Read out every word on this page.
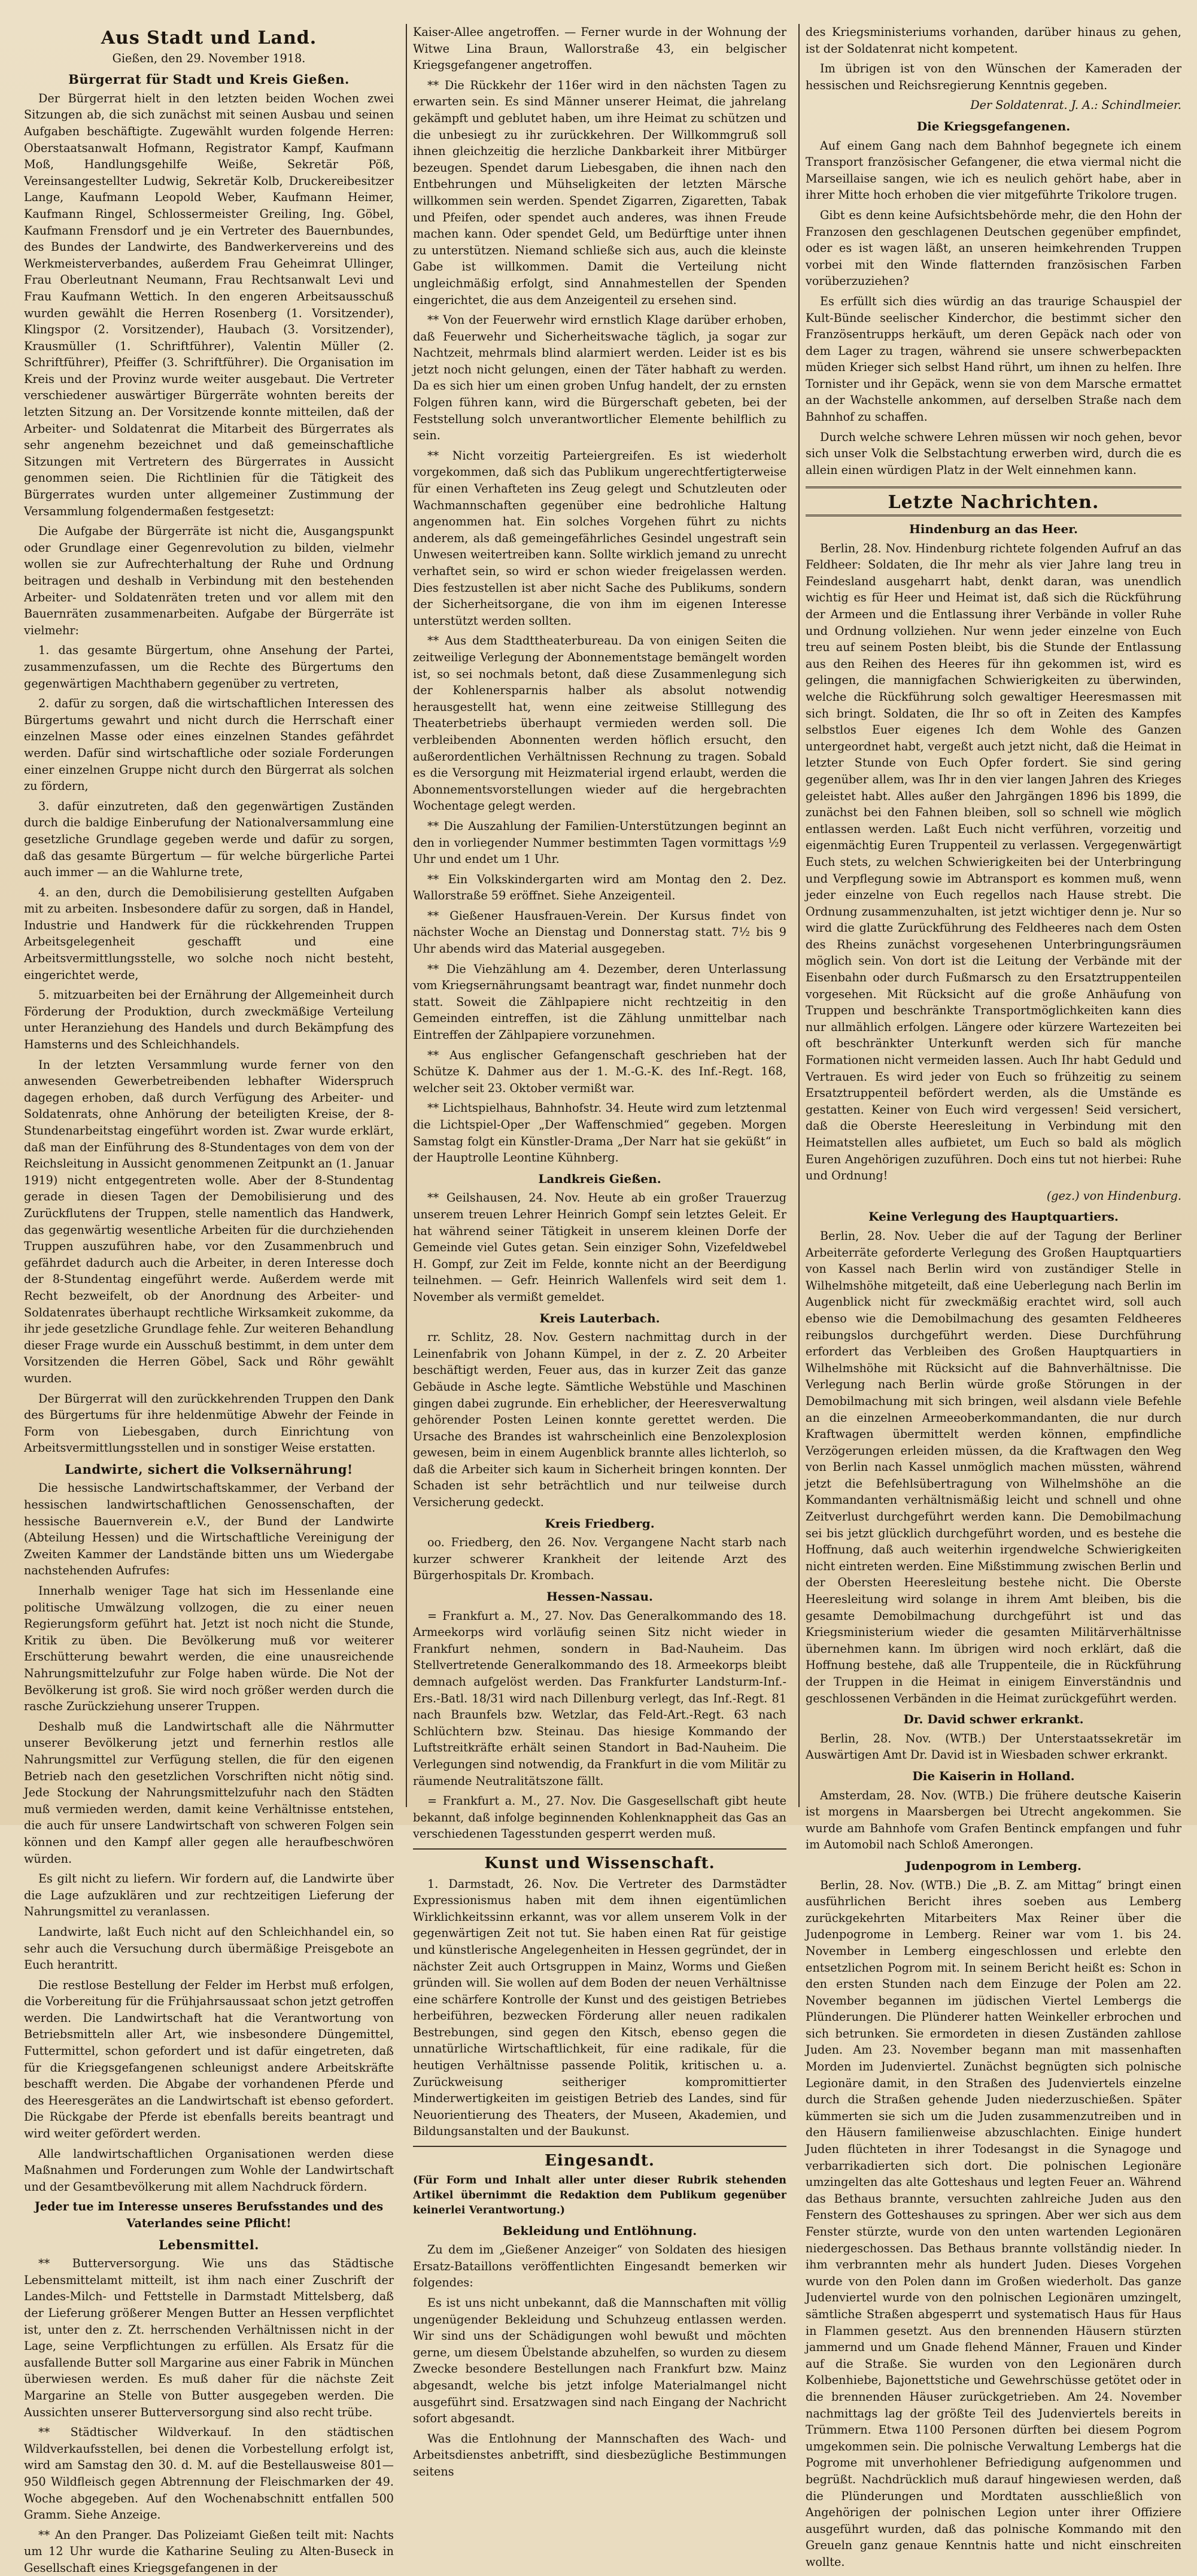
Aus Stadt und Land.

Gießen, den 29. November 1918.

Bürgerrat für Stadt und Kreis Gießen.

Der Bürgerrat hielt in den letzten beiden Wochen zwei Sitzungen ab, die sich zunächst mit seinen Ausbau und seinen Aufgaben beschäftigte. Zugewählt wurden folgende Herren: Oberstaatsanwalt Hofmann, Registrator Kampf, Kaufmann Moß, Handlungsgehilfe Weiße, Sekretär Pöß, Vereinsangestellter Ludwig, Sekretär Kolb, Druckereibesitzer Lange, Kaufmann Leopold Weber, Kaufmann Heimer, Kaufmann Ringel, Schlossermeister Greiling, Ing. Göbel, Kaufmann Frensdorf und je ein Vertreter des Bauernbundes, des Bundes der Landwirte, des Bandwerkervereins und des Werkmeisterverbandes, außerdem Frau Geheimrat Ullinger, Frau Oberleutnant Neumann, Frau Rechtsanwalt Levi und Frau Kaufmann Wettich. In den engeren Arbeitsausschuß wurden gewählt die Herren Rosenberg (1. Vorsitzender), Klingspor (2. Vorsitzender), Haubach (3. Vorsitzender), Krausmüller (1. Schriftführer), Valentin Müller (2. Schriftführer), Pfeiffer (3. Schriftführer). Die Organisation im Kreis und der Provinz wurde weiter ausgebaut. Die Vertreter verschiedener auswärtiger Bürgerräte wohnten bereits der letzten Sitzung an. Der Vorsitzende konnte mitteilen, daß der Arbeiter- und Soldatenrat die Mitarbeit des Bürgerrates als sehr angenehm bezeichnet und daß gemeinschaftliche Sitzungen mit Vertretern des Bürgerrates in Aussicht genommen seien. Die Richtlinien für die Tätigkeit des Bürgerrates wurden unter allgemeiner Zustimmung der Versammlung folgendermaßen festgesetzt:

Die Aufgabe der Bürgerräte ist nicht die, Ausgangspunkt oder Grundlage einer Gegenrevolution zu bilden, vielmehr wollen sie zur Aufrechterhaltung der Ruhe und Ordnung beitragen und deshalb in Verbindung mit den bestehenden Arbeiter- und Soldatenräten treten und vor allem mit den Bauernräten zusammenarbeiten. Aufgabe der Bürgerräte ist vielmehr:

1. das gesamte Bürgertum, ohne Ansehung der Partei, zusammenzufassen, um die Rechte des Bürgertums den gegenwärtigen Machthabern gegenüber zu vertreten,

2. dafür zu sorgen, daß die wirtschaftlichen Interessen des Bürgertums gewahrt und nicht durch die Herrschaft einer einzelnen Masse oder eines einzelnen Standes gefährdet werden. Dafür sind wirtschaftliche oder soziale Forderungen einer einzelnen Gruppe nicht durch den Bürgerrat als solchen zu fördern,

3. dafür einzutreten, daß den gegenwärtigen Zuständen durch die baldige Einberufung der Nationalversammlung eine gesetzliche Grundlage gegeben werde und dafür zu sorgen, daß das gesamte Bürgertum — für welche bürgerliche Partei auch immer — an die Wahlurne trete,

4. an den, durch die Demobilisierung gestellten Aufgaben mit zu arbeiten. Insbesondere dafür zu sorgen, daß in Handel, Industrie und Handwerk für die rückkehrenden Truppen Arbeitsgelegenheit geschafft und eine Arbeitsvermittlungsstelle, wo solche noch nicht besteht, eingerichtet werde,

5. mitzuarbeiten bei der Ernährung der Allgemeinheit durch Förderung der Produktion, durch zweckmäßige Verteilung unter Heranziehung des Handels und durch Bekämpfung des Hamsterns und des Schleichhandels.

In der letzten Versammlung wurde ferner von den anwesenden Gewerbetreibenden lebhafter Widerspruch dagegen erhoben, daß durch Verfügung des Arbeiter- und Soldatenrats, ohne Anhörung der beteiligten Kreise, der 8-Stundenarbeitstag eingeführt worden ist. Zwar wurde erklärt, daß man der Einführung des 8-Stundentages von dem von der Reichsleitung in Aussicht genommenen Zeitpunkt an (1. Januar 1919) nicht entgegentreten wolle. Aber der 8-Stundentag gerade in diesen Tagen der Demobilisierung und des Zurückflutens der Truppen, stelle namentlich das Handwerk, das gegenwärtig wesentliche Arbeiten für die durchziehenden Truppen auszuführen habe, vor den Zusammenbruch und gefährdet dadurch auch die Arbeiter, in deren Interesse doch der 8-Stundentag eingeführt werde. Außerdem werde mit Recht bezweifelt, ob der Anordnung des Arbeiter- und Soldatenrates überhaupt rechtliche Wirksamkeit zukomme, da ihr jede gesetzliche Grundlage fehle. Zur weiteren Behandlung dieser Frage wurde ein Ausschuß bestimmt, in dem unter dem Vorsitzenden die Herren Göbel, Sack und Röhr gewählt wurden.

Der Bürgerrat will den zurückkehrenden Truppen den Dank des Bürgertums für ihre heldenmütige Abwehr der Feinde in Form von Liebesgaben, durch Einrichtung von Arbeitsvermittlungsstellen und in sonstiger Weise erstatten.

Landwirte, sichert die Volksernährung!

Die hessische Landwirtschaftskammer, der Verband der hessischen landwirtschaftlichen Genossenschaften, der hessische Bauernverein e.V., der Bund der Landwirte (Abteilung Hessen) und die Wirtschaftliche Vereinigung der Zweiten Kammer der Landstände bitten uns um Wiedergabe nachstehenden Aufrufes:

Innerhalb weniger Tage hat sich im Hessenlande eine politische Umwälzung vollzogen, die zu einer neuen Regierungsform geführt hat. Jetzt ist noch nicht die Stunde, Kritik zu üben. Die Bevölkerung muß vor weiterer Erschütterung bewahrt werden, die eine unausreichende Nahrungsmittelzufuhr zur Folge haben würde. Die Not der Bevölkerung ist groß. Sie wird noch größer werden durch die rasche Zurückziehung unserer Truppen.

Deshalb muß die Landwirtschaft alle die Nährmutter unserer Bevölkerung jetzt und fernerhin restlos alle Nahrungsmittel zur Verfügung stellen, die für den eigenen Betrieb nach den gesetzlichen Vorschriften nicht nötig sind. Jede Stockung der Nahrungsmittelzufuhr nach den Städten muß vermieden werden, damit keine Verhältnisse entstehen, die auch für unsere Landwirtschaft von schweren Folgen sein können und den Kampf aller gegen alle heraufbeschwören würden.

Es gilt nicht zu liefern. Wir fordern auf, die Landwirte über die Lage aufzuklären und zur rechtzeitigen Lieferung der Nahrungsmittel zu veranlassen.

Landwirte, laßt Euch nicht auf den Schleichhandel ein, so sehr auch die Versuchung durch übermäßige Preisgebote an Euch herantritt.

Die restlose Bestellung der Felder im Herbst muß erfolgen, die Vorbereitung für die Frühjahrsaussaat schon jetzt getroffen werden. Die Landwirtschaft hat die Verantwortung von Betriebsmitteln aller Art, wie insbesondere Düngemittel, Futtermittel, schon gefordert und ist dafür eingetreten, daß für die Kriegsgefangenen schleunigst andere Arbeitskräfte beschafft werden. Die Abgabe der vorhandenen Pferde und des Heeresgerätes an die Landwirtschaft ist ebenso gefordert. Die Rückgabe der Pferde ist ebenfalls bereits beantragt und wird weiter gefördert werden.

Alle landwirtschaftlichen Organisationen werden diese Maßnahmen und Forderungen zum Wohle der Landwirtschaft und der Gesamtbevölkerung mit allem Nachdruck fördern.

Jeder tue im Interesse unseres Berufsstandes und des Vaterlandes seine Pflicht!

Lebensmittel.

** Butterversorgung. Wie uns das Städtische Lebensmittelamt mitteilt, ist ihm nach einer Zuschrift der Landes-Milch- und Fettstelle in Darmstadt Mittelsberg, daß der Lieferung größerer Mengen Butter an Hessen verpflichtet ist, unter den z. Zt. herrschenden Verhältnissen nicht in der Lage, seine Verpflichtungen zu erfüllen. Als Ersatz für die ausfallende Butter soll Margarine aus einer Fabrik in München überwiesen werden. Es muß daher für die nächste Zeit Margarine an Stelle von Butter ausgegeben werden. Die Aussichten unserer Butterversorgung sind also recht trübe.

** Städtischer Wildverkauf. In den städtischen Wildverkaufsstellen, bei denen die Vorbestellung erfolgt ist, wird am Samstag den 30. d. M. auf die Bestellausweise 801—950 Wildfleisch gegen Abtrennung der Fleischmarken der 49. Woche abgegeben. Auf den Wochenabschnitt entfallen 500 Gramm. Siehe Anzeige.

** An den Pranger. Das Polizeiamt Gießen teilt mit: Nachts um 12 Uhr wurde die Katharine Seuling zu Alten-Buseck in Gesellschaft eines Kriegsgefangenen in der

Kaiser-Allee angetroffen. — Ferner wurde in der Wohnung der Witwe Lina Braun, Wallorstraße 43, ein belgischer Kriegsgefangener angetroffen.

** Die Rückkehr der 116er wird in den nächsten Tagen zu erwarten sein. Es sind Männer unserer Heimat, die jahrelang gekämpft und geblutet haben, um ihre Heimat zu schützen und die unbesiegt zu ihr zurückkehren. Der Willkommgruß soll ihnen gleichzeitig die herzliche Dankbarkeit ihrer Mitbürger bezeugen. Spendet darum Liebesgaben, die ihnen nach den Entbehrungen und Mühseligkeiten der letzten Märsche willkommen sein werden. Spendet Zigarren, Zigaretten, Tabak und Pfeifen, oder spendet auch anderes, was ihnen Freude machen kann. Oder spendet Geld, um Bedürftige unter ihnen zu unterstützen. Niemand schließe sich aus, auch die kleinste Gabe ist willkommen. Damit die Verteilung nicht ungleichmäßig erfolgt, sind Annahmestellen der Spenden eingerichtet, die aus dem Anzeigenteil zu ersehen sind.

** Von der Feuerwehr wird ernstlich Klage darüber erhoben, daß Feuerwehr und Sicherheitswache täglich, ja sogar zur Nachtzeit, mehrmals blind alarmiert werden. Leider ist es bis jetzt noch nicht gelungen, einen der Täter habhaft zu werden. Da es sich hier um einen groben Unfug handelt, der zu ernsten Folgen führen kann, wird die Bürgerschaft gebeten, bei der Feststellung solch unverantwortlicher Elemente behilflich zu sein.

** Nicht vorzeitig Parteiergreifen. Es ist wiederholt vorgekommen, daß sich das Publikum ungerechtfertigterweise für einen Verhafteten ins Zeug gelegt und Schutzleuten oder Wachmannschaften gegenüber eine bedrohliche Haltung angenommen hat. Ein solches Vorgehen führt zu nichts anderem, als daß gemeingefährliches Gesindel ungestraft sein Unwesen weitertreiben kann. Sollte wirklich jemand zu unrecht verhaftet sein, so wird er schon wieder freigelassen werden. Dies festzustellen ist aber nicht Sache des Publikums, sondern der Sicherheitsorgane, die von ihm im eigenen Interesse unterstützt werden sollten.

** Aus dem Stadttheaterbureau. Da von einigen Seiten die zeitweilige Verlegung der Abonnementstage bemängelt worden ist, so sei nochmals betont, daß diese Zusammenlegung sich der Kohlenersparnis halber als absolut notwendig herausgestellt hat, wenn eine zeitweise Stilllegung des Theaterbetriebs überhaupt vermieden werden soll. Die verbleibenden Abonnenten werden höflich ersucht, den außerordentlichen Verhältnissen Rechnung zu tragen. Sobald es die Versorgung mit Heizmaterial irgend erlaubt, werden die Abonnementsvorstellungen wieder auf die hergebrachten Wochentage gelegt werden.

** Die Auszahlung der Familien-Unterstützungen beginnt an den in vorliegender Nummer bestimmten Tagen vormittags ½9 Uhr und endet um 1 Uhr.

** Ein Volkskindergarten wird am Montag den 2. Dez. Wallorstraße 59 eröffnet. Siehe Anzeigenteil.

** Gießener Hausfrauen-Verein. Der Kursus findet von nächster Woche an Dienstag und Donnerstag statt. 7½ bis 9 Uhr abends wird das Material ausgegeben.

** Die Viehzählung am 4. Dezember, deren Unterlassung vom Kriegsernährungsamt beantragt war, findet nunmehr doch statt. Soweit die Zählpapiere nicht rechtzeitig in den Gemeinden eintreffen, ist die Zählung unmittelbar nach Eintreffen der Zählpapiere vorzunehmen.

** Aus englischer Gefangenschaft geschrieben hat der Schütze K. Dahmer aus der 1. M.-G.-K. des Inf.-Regt. 168, welcher seit 23. Oktober vermißt war.

** Lichtspielhaus, Bahnhofstr. 34. Heute wird zum letztenmal die Lichtspiel-Oper „Der Waffenschmied“ gegeben. Morgen Samstag folgt ein Künstler-Drama „Der Narr hat sie geküßt“ in der Hauptrolle Leontine Kühnberg.

Landkreis Gießen.

** Geilshausen, 24. Nov. Heute ab ein großer Trauerzug unserem treuen Lehrer Heinrich Gompf sein letztes Geleit. Er hat während seiner Tätigkeit in unserem kleinen Dorfe der Gemeinde viel Gutes getan. Sein einziger Sohn, Vizefeldwebel H. Gompf, zur Zeit im Felde, konnte nicht an der Beerdigung teilnehmen. — Gefr. Heinrich Wallenfels wird seit dem 1. November als vermißt gemeldet.

Kreis Lauterbach.

rr. Schlitz, 28. Nov. Gestern nachmittag durch in der Leinenfabrik von Johann Kümpel, in der z. Z. 20 Arbeiter beschäftigt werden, Feuer aus, das in kurzer Zeit das ganze Gebäude in Asche legte. Sämtliche Webstühle und Maschinen gingen dabei zugrunde. Ein erheblicher, der Heeresverwaltung gehörender Posten Leinen konnte gerettet werden. Die Ursache des Brandes ist wahrscheinlich eine Benzolexplosion gewesen, beim in einem Augenblick brannte alles lichterloh, so daß die Arbeiter sich kaum in Sicherheit bringen konnten. Der Schaden ist sehr beträchtlich und nur teilweise durch Versicherung gedeckt.

Kreis Friedberg.

oo. Friedberg, den 26. Nov. Vergangene Nacht starb nach kurzer schwerer Krankheit der leitende Arzt des Bürgerhospitals Dr. Krombach.

Hessen-Nassau.

= Frankfurt a. M., 27. Nov. Das Generalkommando des 18. Armeekorps wird vorläufig seinen Sitz nicht wieder in Frankfurt nehmen, sondern in Bad-Nauheim. Das Stellvertretende Generalkommando des 18. Armeekorps bleibt demnach aufgelöst werden. Das Frankfurter Landsturm-Inf.-Ers.-Batl. 18/31 wird nach Dillenburg verlegt, das Inf.-Regt. 81 nach Braunfels bzw. Wetzlar, das Feld-Art.-Regt. 63 nach Schlüchtern bzw. Steinau. Das hiesige Kommando der Luftstreitkräfte erhält seinen Standort in Bad-Nauheim. Die Verlegungen sind notwendig, da Frankfurt in die vom Militär zu räumende Neutralitätszone fällt.

= Frankfurt a. M., 27. Nov. Die Gasgesellschaft gibt heute bekannt, daß infolge beginnenden Kohlenknappheit das Gas an verschiedenen Tagesstunden gesperrt werden muß.

Kunst und Wissenschaft.

1. Darmstadt, 26. Nov. Die Vertreter des Darmstädter Expressionismus haben mit dem ihnen eigentümlichen Wirklichkeitssinn erkannt, was vor allem unserem Volk in der gegenwärtigen Zeit not tut. Sie haben einen Rat für geistige und künstlerische Angelegenheiten in Hessen gegründet, der in nächster Zeit auch Ortsgruppen in Mainz, Worms und Gießen gründen will. Sie wollen auf dem Boden der neuen Verhältnisse eine schärfere Kontrolle der Kunst und des geistigen Betriebes herbeiführen, bezwecken Förderung aller neuen radikalen Bestrebungen, sind gegen den Kitsch, ebenso gegen die unnatürliche Wirtschaftlichkeit, für eine radikale, für die heutigen Verhältnisse passende Politik, kritischen u. a. Zurückweisung seitheriger kompromittierter Minderwertigkeiten im geistigen Betrieb des Landes, sind für Neuorientierung des Theaters, der Museen, Akademien, und Bildungsanstalten und der Baukunst.

Eingesandt.

(Für Form und Inhalt aller unter dieser Rubrik stehenden Artikel übernimmt die Redaktion dem Publikum gegenüber keinerlei Verantwortung.)

Bekleidung und Entlöhnung.

Zu dem im „Gießener Anzeiger“ von Soldaten des hiesigen Ersatz-Bataillons veröffentlichten Eingesandt bemerken wir folgendes:

Es ist uns nicht unbekannt, daß die Mannschaften mit völlig ungenügender Bekleidung und Schuhzeug entlassen werden. Wir sind uns der Schädigungen wohl bewußt und möchten gerne, um diesem Übelstande abzuhelfen, so wurden zu diesem Zwecke besondere Bestellungen nach Frankfurt bzw. Mainz abgesandt, welche bis jetzt infolge Materialmangel nicht ausgeführt sind. Ersatzwagen sind nach Eingang der Nachricht sofort abgesandt.

Was die Entlohnung der Mannschaften des Wach- und Arbeitsdienstes anbetrifft, sind diesbezügliche Bestimmungen seitens

des Kriegsministeriums vorhanden, darüber hinaus zu gehen, ist der Soldatenrat nicht kompetent.

Im übrigen ist von den Wünschen der Kameraden der hessischen und Reichsregierung Kenntnis gegeben.

Der Soldatenrat. J. A.: Schindlmeier.

Die Kriegsgefangenen.

Auf einem Gang nach dem Bahnhof begegnete ich einem Transport französischer Gefangener, die etwa viermal nicht die Marseillaise sangen, wie ich es neulich gehört habe, aber in ihrer Mitte hoch erhoben die vier mitgeführte Trikolore trugen.

Gibt es denn keine Aufsichtsbehörde mehr, die den Hohn der Franzosen den geschlagenen Deutschen gegenüber empfindet, oder es ist wagen läßt, an unseren heimkehrenden Truppen vorbei mit den Winde flatternden französischen Farben vorüberzuziehen?

Es erfüllt sich dies würdig an das traurige Schauspiel der Kult-Bünde seelischer Kinderchor, die bestimmt sicher den Französentrupps herkäuft, um deren Gepäck nach oder von dem Lager zu tragen, während sie unsere schwerbepackten müden Krieger sich selbst Hand rührt, um ihnen zu helfen. Ihre Tornister und ihr Gepäck, wenn sie von dem Marsche ermattet an der Wachstelle ankommen, auf derselben Straße nach dem Bahnhof zu schaffen.

Durch welche schwere Lehren müssen wir noch gehen, bevor sich unser Volk die Selbstachtung erwerben wird, durch die es allein einen würdigen Platz in der Welt einnehmen kann.

Letzte Nachrichten.
Hindenburg an das Heer.

Berlin, 28. Nov. Hindenburg richtete folgenden Aufruf an das Feldheer: Soldaten, die Ihr mehr als vier Jahre lang treu in Feindesland ausgeharrt habt, denkt daran, was unendlich wichtig es für Heer und Heimat ist, daß sich die Rückführung der Armeen und die Entlassung ihrer Verbände in voller Ruhe und Ordnung vollziehen. Nur wenn jeder einzelne von Euch treu auf seinem Posten bleibt, bis die Stunde der Entlassung aus den Reihen des Heeres für ihn gekommen ist, wird es gelingen, die mannigfachen Schwierigkeiten zu überwinden, welche die Rückführung solch gewaltiger Heeresmassen mit sich bringt. Soldaten, die Ihr so oft in Zeiten des Kampfes selbstlos Euer eigenes Ich dem Wohle des Ganzen untergeordnet habt, vergeßt auch jetzt nicht, daß die Heimat in letzter Stunde von Euch Opfer fordert. Sie sind gering gegenüber allem, was Ihr in den vier langen Jahren des Krieges geleistet habt. Alles außer den Jahrgängen 1896 bis 1899, die zunächst bei den Fahnen bleiben, soll so schnell wie möglich entlassen werden. Laßt Euch nicht verführen, vorzeitig und eigenmächtig Euren Truppenteil zu verlassen. Vergegenwärtigt Euch stets, zu welchen Schwierigkeiten bei der Unterbringung und Verpflegung sowie im Abtransport es kommen muß, wenn jeder einzelne von Euch regellos nach Hause strebt. Die Ordnung zusammenzuhalten, ist jetzt wichtiger denn je. Nur so wird die glatte Zurückführung des Feldheeres nach dem Osten des Rheins zunächst vorgesehenen Unterbringungsräumen möglich sein. Von dort ist die Leitung der Verbände mit der Eisenbahn oder durch Fußmarsch zu den Ersatztruppenteilen vorgesehen. Mit Rücksicht auf die große Anhäufung von Truppen und beschränkte Transportmöglichkeiten kann dies nur allmählich erfolgen. Längere oder kürzere Wartezeiten bei oft beschränkter Unterkunft werden sich für manche Formationen nicht vermeiden lassen. Auch Ihr habt Geduld und Vertrauen. Es wird jeder von Euch so frühzeitig zu seinem Ersatztruppenteil befördert werden, als die Umstände es gestatten. Keiner von Euch wird vergessen! Seid versichert, daß die Oberste Heeresleitung in Verbindung mit den Heimatstellen alles aufbietet, um Euch so bald als möglich Euren Angehörigen zuzuführen. Doch eins tut not hierbei: Ruhe und Ordnung!

(gez.) von Hindenburg.

Keine Verlegung des Hauptquartiers.

Berlin, 28. Nov. Ueber die auf der Tagung der Berliner Arbeiterräte geforderte Verlegung des Großen Hauptquartiers von Kassel nach Berlin wird von zuständiger Stelle in Wilhelmshöhe mitgeteilt, daß eine Ueberlegung nach Berlin im Augenblick nicht für zweckmäßig erachtet wird, soll auch ebenso wie die Demobilmachung des gesamten Feldheeres reibungslos durchgeführt werden. Diese Durchführung erfordert das Verbleiben des Großen Hauptquartiers in Wilhelmshöhe mit Rücksicht auf die Bahnverhältnisse. Die Verlegung nach Berlin würde große Störungen in der Demobilmachung mit sich bringen, weil alsdann viele Befehle an die einzelnen Armeeoberkommandanten, die nur durch Kraftwagen übermittelt werden können, empfindliche Verzögerungen erleiden müssen, da die Kraftwagen den Weg von Berlin nach Kassel unmöglich machen müssten, während jetzt die Befehlsübertragung von Wilhelmshöhe an die Kommandanten verhältnismäßig leicht und schnell und ohne Zeitverlust durchgeführt werden kann. Die Demobilmachung sei bis jetzt glücklich durchgeführt worden, und es bestehe die Hoffnung, daß auch weiterhin irgendwelche Schwierigkeiten nicht eintreten werden. Eine Mißstimmung zwischen Berlin und der Obersten Heeresleitung bestehe nicht. Die Oberste Heeresleitung wird solange in ihrem Amt bleiben, bis die gesamte Demobilmachung durchgeführt ist und das Kriegsministerium wieder die gesamten Militärverhältnisse übernehmen kann. Im übrigen wird noch erklärt, daß die Hoffnung bestehe, daß alle Truppenteile, die in Rückführung der Truppen in die Heimat in einigem Einverständnis und geschlossenen Verbänden in die Heimat zurückgeführt werden.

Dr. David schwer erkrankt.

Berlin, 28. Nov. (WTB.) Der Unterstaatssekretär im Auswärtigen Amt Dr. David ist in Wiesbaden schwer erkrankt.

Die Kaiserin in Holland.

Amsterdam, 28. Nov. (WTB.) Die frühere deutsche Kaiserin ist morgens in Maarsbergen bei Utrecht angekommen. Sie wurde am Bahnhofe vom Grafen Bentinck empfangen und fuhr im Automobil nach Schloß Amerongen.

Judenpogrom in Lemberg.

Berlin, 28. Nov. (WTB.) Die „B. Z. am Mittag“ bringt einen ausführlichen Bericht ihres soeben aus Lemberg zurückgekehrten Mitarbeiters Max Reiner über die Judenpogrome in Lemberg. Reiner war vom 1. bis 24. November in Lemberg eingeschlossen und erlebte den entsetzlichen Pogrom mit. In seinem Bericht heißt es: Schon in den ersten Stunden nach dem Einzuge der Polen am 22. November begannen im jüdischen Viertel Lembergs die Plünderungen. Die Plünderer hatten Weinkeller erbrochen und sich betrunken. Sie ermordeten in diesen Zuständen zahllose Juden. Am 23. November begann man mit massenhaften Morden im Judenviertel. Zunächst begnügten sich polnische Legionäre damit, in den Straßen des Judenviertels einzelne durch die Straßen gehende Juden niederzuschießen. Später kümmerten sie sich um die Juden zusammenzutreiben und in den Häusern familienweise abzuschlachten. Einige hundert Juden flüchteten in ihrer Todesangst in die Synagoge und verbarrikadierten sich dort. Die polnischen Legionäre umzingelten das alte Gotteshaus und legten Feuer an. Während das Bethaus brannte, versuchten zahlreiche Juden aus den Fenstern des Gotteshauses zu springen. Aber wer sich aus dem Fenster stürzte, wurde von den unten wartenden Legionären niedergeschossen. Das Bethaus brannte vollständig nieder. In ihm verbrannten mehr als hundert Juden. Dieses Vorgehen wurde von den Polen dann im Großen wiederholt. Das ganze Judenviertel wurde von den polnischen Legionären umzingelt, sämtliche Straßen abgesperrt und systematisch Haus für Haus in Flammen gesetzt. Aus den brennenden Häusern stürzten jammernd und um Gnade flehend Männer, Frauen und Kinder auf die Straße. Sie wurden von den Legionären durch Kolbenhiebe, Bajonettstiche und Gewehrschüsse getötet oder in die brennenden Häuser zurückgetrieben. Am 24. November nachmittags lag der größte Teil des Judenviertels bereits in Trümmern. Etwa 1100 Personen dürften bei diesem Pogrom umgekommen sein. Die polnische Verwaltung Lembergs hat die Pogrome mit unverhohlener Befriedigung aufgenommen und begrüßt. Nachdrücklich muß darauf hingewiesen werden, daß die Plünderungen und Mordtaten ausschließlich von Angehörigen der polnischen Legion unter ihrer Offiziere ausgeführt wurden, daß das polnische Kommando mit den Greueln ganz genaue Kenntnis hatte und nicht einschreiten wollte.
